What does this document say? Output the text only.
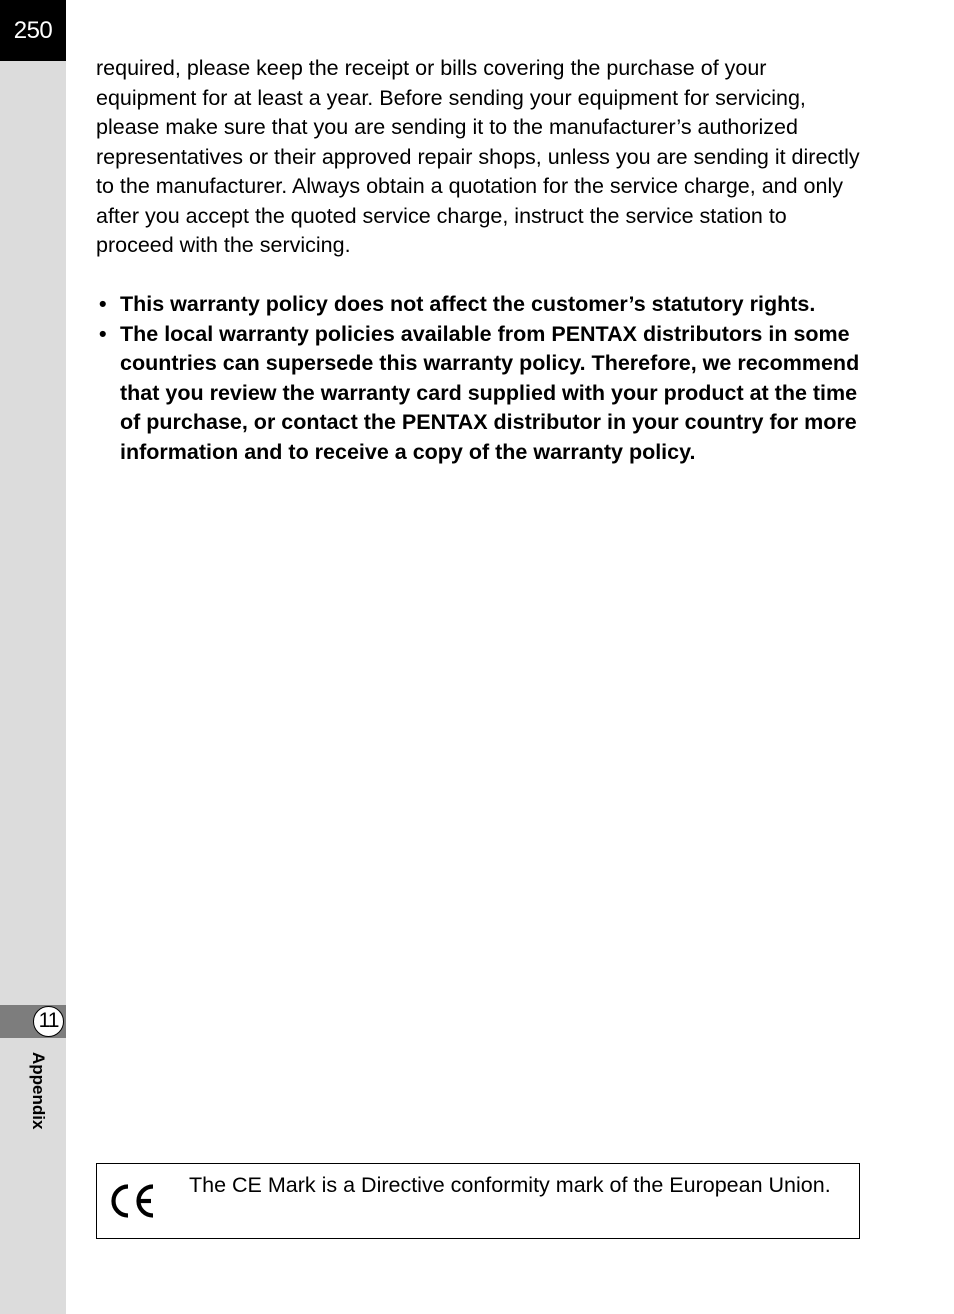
250
11
Appendix

required, please keep the receipt or bills covering the purchase of your equipment for at least a year. Before sending your equipment for servicing, please make sure that you are sending it to the manufacturer’s authorized representatives or their approved repair shops, unless you are sending it directly to the manufacturer. Always obtain a quotation for the service charge, and only after you accept the quoted service charge, instruct the service station to proceed with the servicing.

• This warranty policy does not affect the customer’s statutory rights.
• The local warranty policies available from PENTAX distributors in some countries can supersede this warranty policy. Therefore, we recommend that you review the warranty card supplied with your product at the time of purchase, or contact the PENTAX distributor in your country for more information and to receive a copy of the warranty policy.
The CE Mark is a Directive conformity mark of the European Union.
